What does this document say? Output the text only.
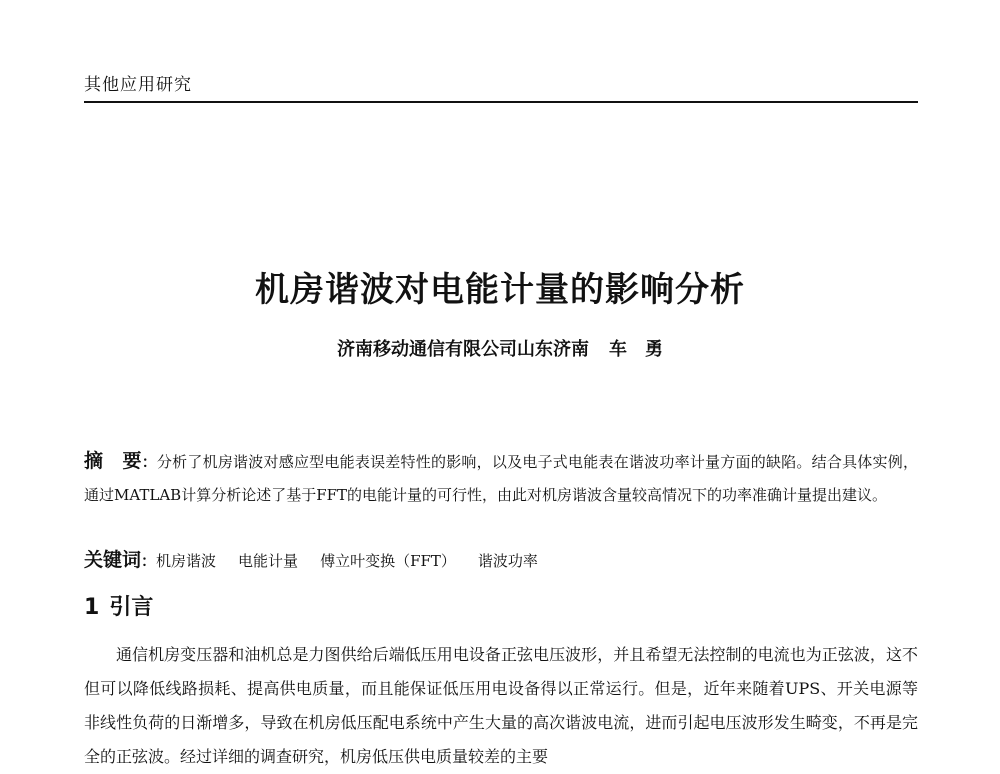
其他应用研究
机房谐波对电能计量的影响分析
济南移动通信有限公司山东济南 车　勇
摘　要：分析了机房谐波对感应型电能表误差特性的影响，以及电子式电能表在谐波功率计量方面的缺陷。结合具体实例，通过MATLAB计算分析论述了基于FFT的电能计量的可行性，由此对机房谐波含量较高情况下的功率准确计量提出建议。
关键词：机房谐波 电能计量 傅立叶变换（FFT） 谐波功率
1 引言

通信机房变压器和油机总是力图供给后端低压用电设备正弦电压波形，并且希望无法控制的电流也为正弦波，这不但可以降低线路损耗、提高供电质量，而且能保证低压用电设备得以正常运行。但是，近年来随着UPS、开关电源等非线性负荷的日渐增多，导致在机房低压配电系统中产生大量的高次谐波电流，进而引起电压波形发生畸变，不再是完全的正弦波。经过详细的调查研究，机房低压供电质量较差的主要
